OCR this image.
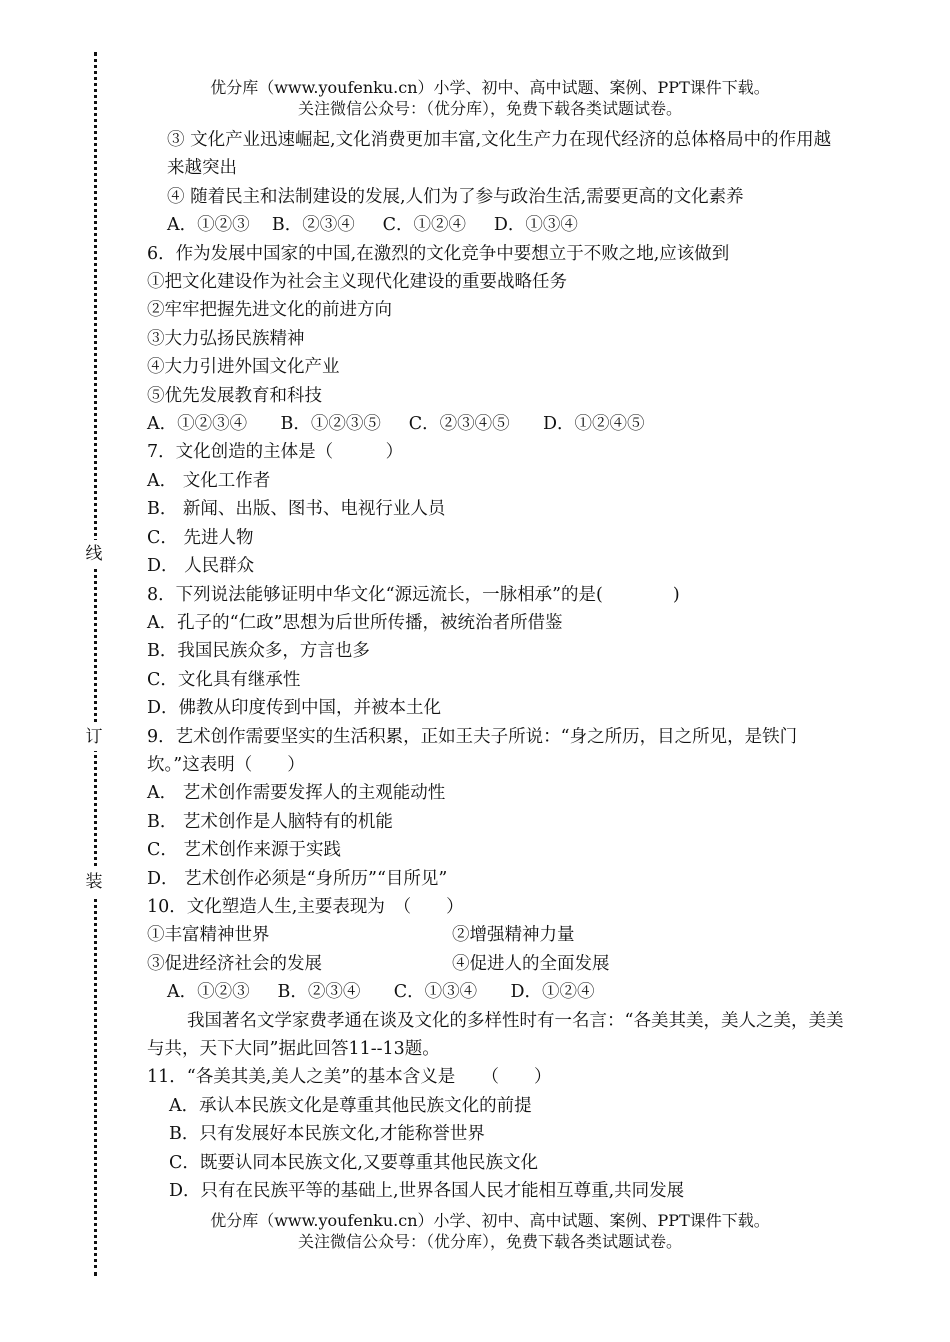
线
订
装
优分库（www.youfenku.cn）小学、初中、高中试题、案例、PPT课件下载。
关注微信公众号：（优分库），免费下载各类试题试卷。

③ 文化产业迅速崛起,文化消费更加丰富,文化生产力在现代经济的总体格局中的作用越来越突出

④ 随着民主和法制建设的发展,人们为了参与政治生活,需要更高的文化素养

A．①②③ B．②③④ C．①②④ D．①③④

6．作为发展中国家的中国,在激烈的文化竞争中要想立于不败之地,应该做到

①把文化建设作为社会主义现代化建设的重要战略任务

②牢牢把握先进文化的前进方向

③大力弘扬民族精神

④大力引进外国文化产业

⑤优先发展教育和科技

A．①②③④ B．①②③⑤ C．②③④⑤ D．①②④⑤

7．文化创造的主体是（　　　）

A． 文化工作者

B． 新闻、出版、图书、电视行业人员

C． 先进人物

D． 人民群众

8．下列说法能够证明中华文化“源远流长，一脉相承”的是(　　　　)

A．孔子的“仁政”思想为后世所传播，被统治者所借鉴

B．我国民族众多，方言也多

C．文化具有继承性

D．佛教从印度传到中国，并被本土化

9．艺术创作需要坚实的生活积累，正如王夫子所说：“身之所历，目之所见，是铁门坎。”这表明（　　）

A． 艺术创作需要发挥人的主观能动性

B． 艺术创作是人脑特有的机能

C． 艺术创作来源于实践

D． 艺术创作必须是“身所历”“目所见”

10．文化塑造人生,主要表现为　（　　）

①丰富精神世界	②增强精神力量

③促进经济社会的发展	④促进人的全面发展

A．①②③ B．②③④ C．①③④ D．①②④

我国著名文学家费孝通在谈及文化的多样性时有一名言：“各美其美，美人之美，美美与共，天下大同”据此回答11--13题。

11．“各美其美,美人之美”的基本含义是　　（　　）

A．承认本民族文化是尊重其他民族文化的前提

B．只有发展好本民族文化,才能称誉世界

C．既要认同本民族文化,又要尊重其他民族文化

D．只有在民族平等的基础上,世界各国人民才能相互尊重,共同发展

优分库（www.youfenku.cn）小学、初中、高中试题、案例、PPT课件下载。
关注微信公众号：（优分库），免费下载各类试题试卷。
